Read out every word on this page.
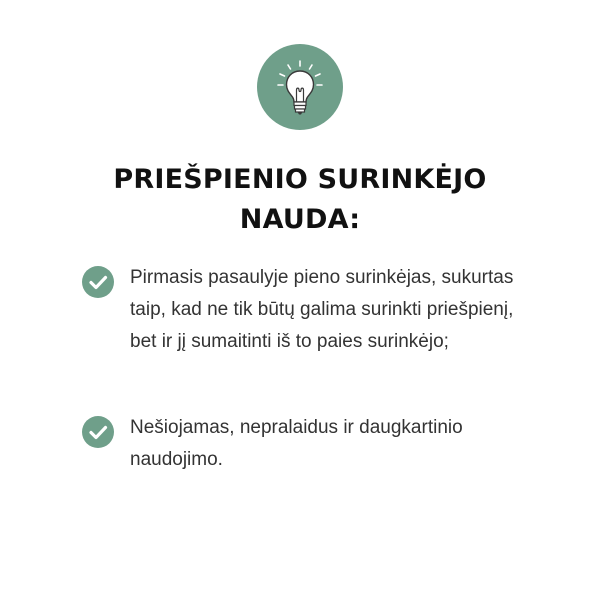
PRIEŠPIENIO SURINKĖJO NAUDA:

Pirmasis pasaulyje pieno surinkėjas, sukurtas taip, kad ne tik būtų galima surinkti priešpienį, bet ir jį sumaitinti iš to paies surinkėjo;

Nešiojamas, nepralaidus ir daugkartinio naudojimo.
